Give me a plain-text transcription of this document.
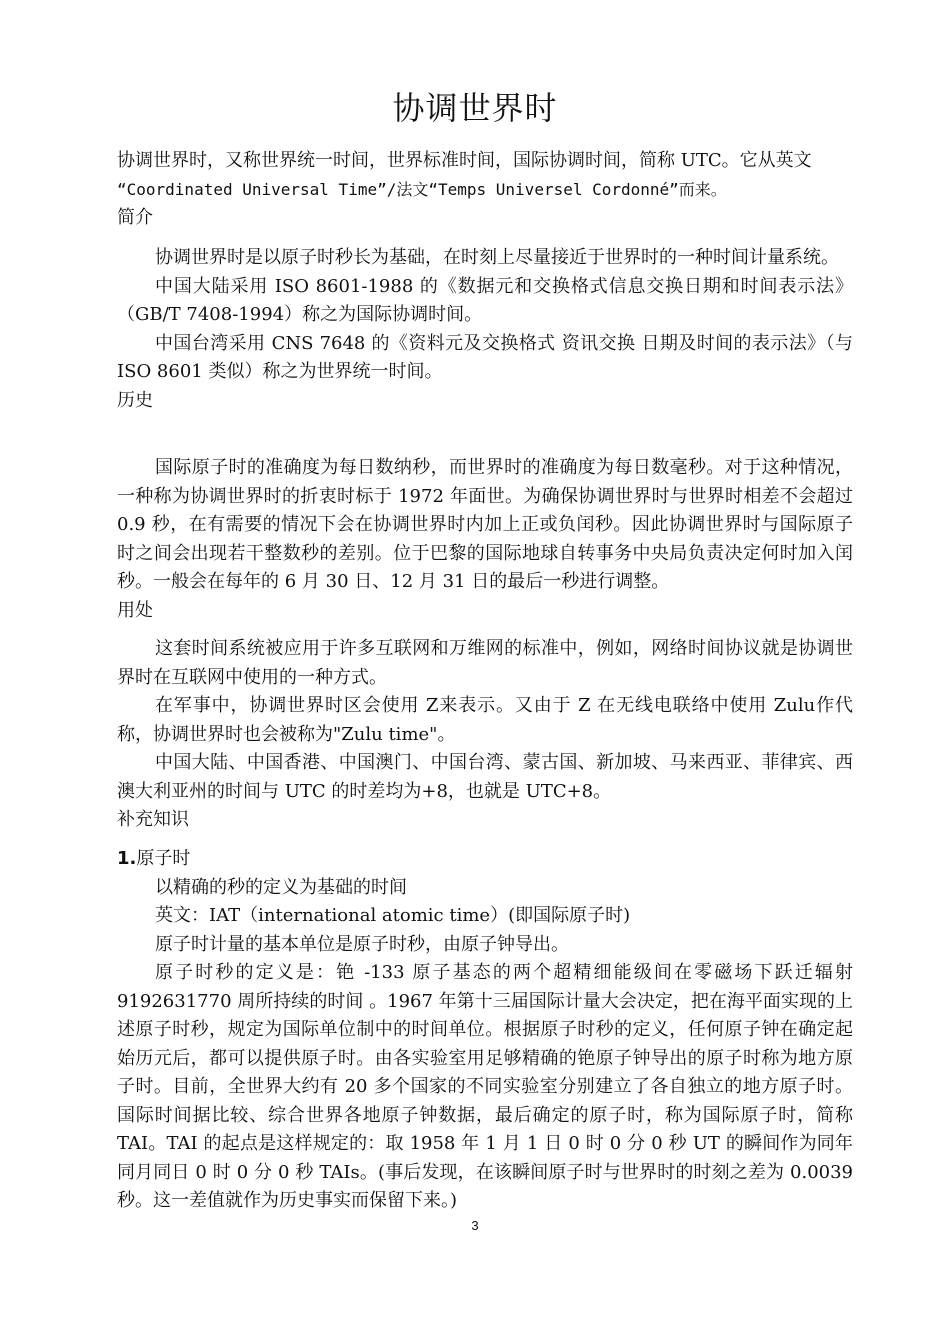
协调世界时

协调世界时，又称世界统一时间，世界标准时间，国际协调时间，简称 UTC。它从英文

“Coordinated Universal Time”/法文“Temps Universel Cordonné”而来。

简介

协调世界时是以原子时秒长为基础，在时刻上尽量接近于世界时的一种时间计量系统。

中国大陆采用 ISO 8601-1988 的《数据元和交换格式信息交换日期和时间表示法》（GB/T 7408-1994）称之为国际协调时间。

中国台湾采用 CNS 7648 的《资料元及交换格式 资讯交换 日期及时间的表示法》（与 ISO 8601 类似）称之为世界统一时间。

历史

国际原子时的准确度为每日数纳秒，而世界时的准确度为每日数毫秒。对于这种情况，一种称为协调世界时的折衷时标于 1972 年面世。为确保协调世界时与世界时相差不会超过 0.9 秒，在有需要的情况下会在协调世界时内加上正或负闰秒。因此协调世界时与国际原子时之间会出现若干整数秒的差别。位于巴黎的国际地球自转事务中央局负责决定何时加入闰秒。一般会在每年的 6 月 30 日、12 月 31 日的最后一秒进行调整。

用处

这套时间系统被应用于许多互联网和万维网的标准中，例如，网络时间协议就是协调世界时在互联网中使用的一种方式。

在军事中，协调世界时区会使用 Z来表示。又由于 Z 在无线电联络中使用 Zulu作代称，协调世界时也会被称为"Zulu time"。

中国大陆、中国香港、中国澳门、中国台湾、蒙古国、新加坡、马来西亚、菲律宾、西澳大利亚州的时间与 UTC 的时差均为+8，也就是 UTC+8。

补充知识

1.原子时

以精确的秒的定义为基础的时间

英文：IAT（international atomic time）(即国际原子时)

原子时计量的基本单位是原子时秒，由原子钟导出。

原子时秒的定义是：铯 -133 原子基态的两个超精细能级间在零磁场下跃迁辐射 9192631770 周所持续的时间 。1967 年第十三届国际计量大会决定，把在海平面实现的上述原子时秒，规定为国际单位制中的时间单位。根据原子时秒的定义，任何原子钟在确定起始历元后，都可以提供原子时。由各实验室用足够精确的铯原子钟导出的原子时称为地方原子时。目前，全世界大约有 20 多个国家的不同实验室分别建立了各自独立的地方原子时。国际时间据比较、综合世界各地原子钟数据，最后确定的原子时，称为国际原子时，简称 TAI。TAI 的起点是这样规定的：取 1958 年 1 月 1 日 0 时 0 分 0 秒 UT 的瞬间作为同年同月同日 0 时 0 分 0 秒 TAIs。(事后发现，在该瞬间原子时与世界时的时刻之差为 0.0039 秒。这一差值就作为历史事实而保留下来。)

3
